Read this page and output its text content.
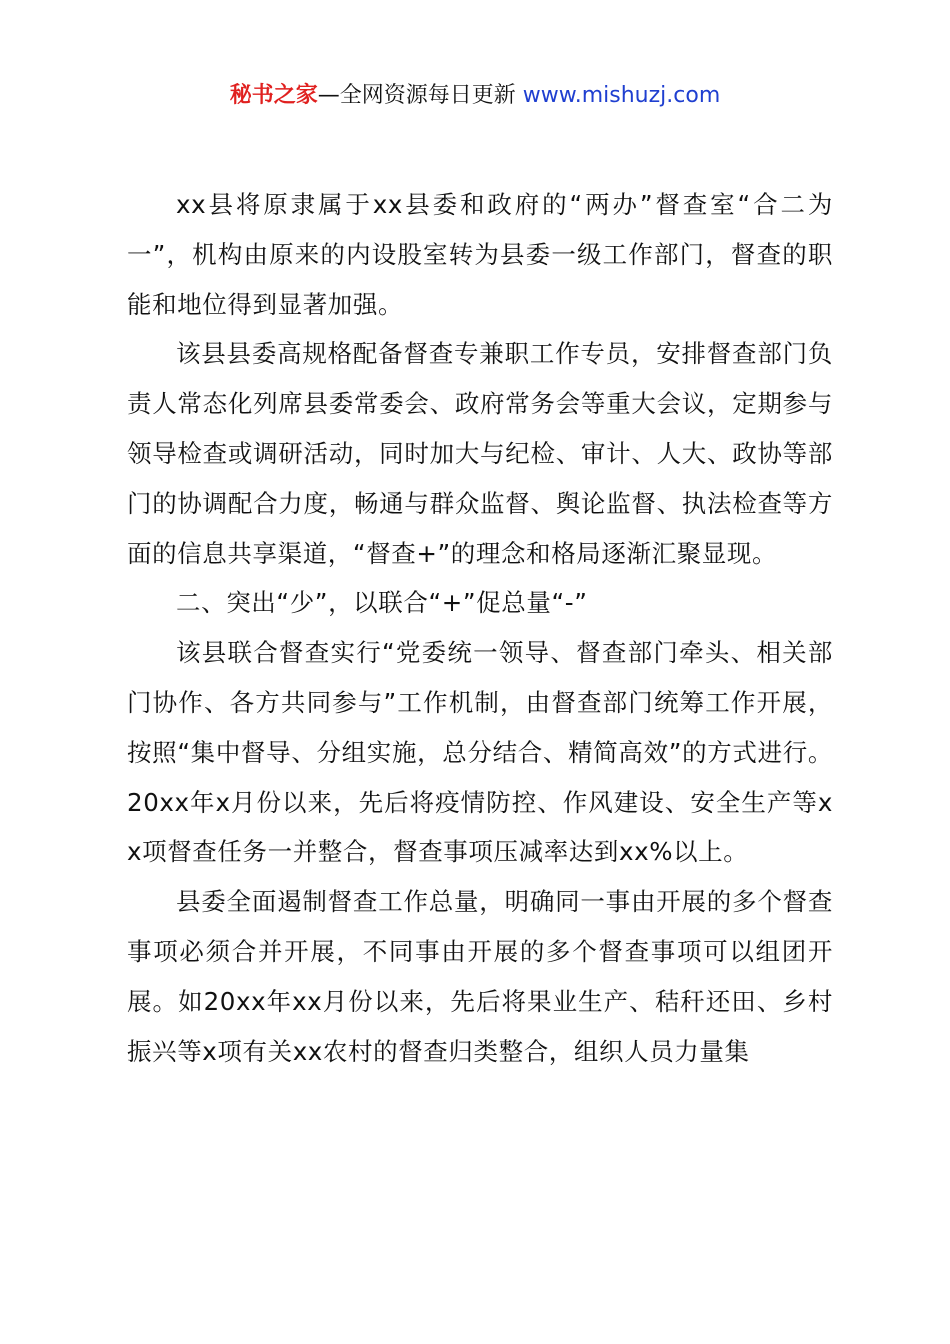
秘书之家—全网资源每日更新 www.mishuzj.com

xx县将原隶属于xx县委和政府的“两办”督查室“合二为一”，机构由原来的内设股室转为县委一级工作部门，督查的职能和地位得到显著加强。

该县县委高规格配备督查专兼职工作专员，安排督查部门负责人常态化列席县委常委会、政府常务会等重大会议，定期参与领导检查或调研活动，同时加大与纪检、审计、人大、政协等部门的协调配合力度，畅通与群众监督、舆论监督、执法检查等方面的信息共享渠道，“督查+”的理念和格局逐渐汇聚显现。

二、突出“少”，以联合“+”促总量“-”

该县联合督查实行“党委统一领导、督查部门牵头、相关部门协作、各方共同参与”工作机制，由督查部门统筹工作开展，按照“集中督导、分组实施，总分结合、精简高效”的方式进行。20xx年x月份以来，先后将疫情防控、作风建设、安全生产等xx项督查任务一并整合，督查事项压减率达到xx%以上。

县委全面遏制督查工作总量，明确同一事由开展的多个督查事项必须合并开展，不同事由开展的多个督查事项可以组团开展。如20xx年xx月份以来，先后将果业生产、秸秆还田、乡村振兴等x项有关xx农村的督查归类整合，组织人员力量集
